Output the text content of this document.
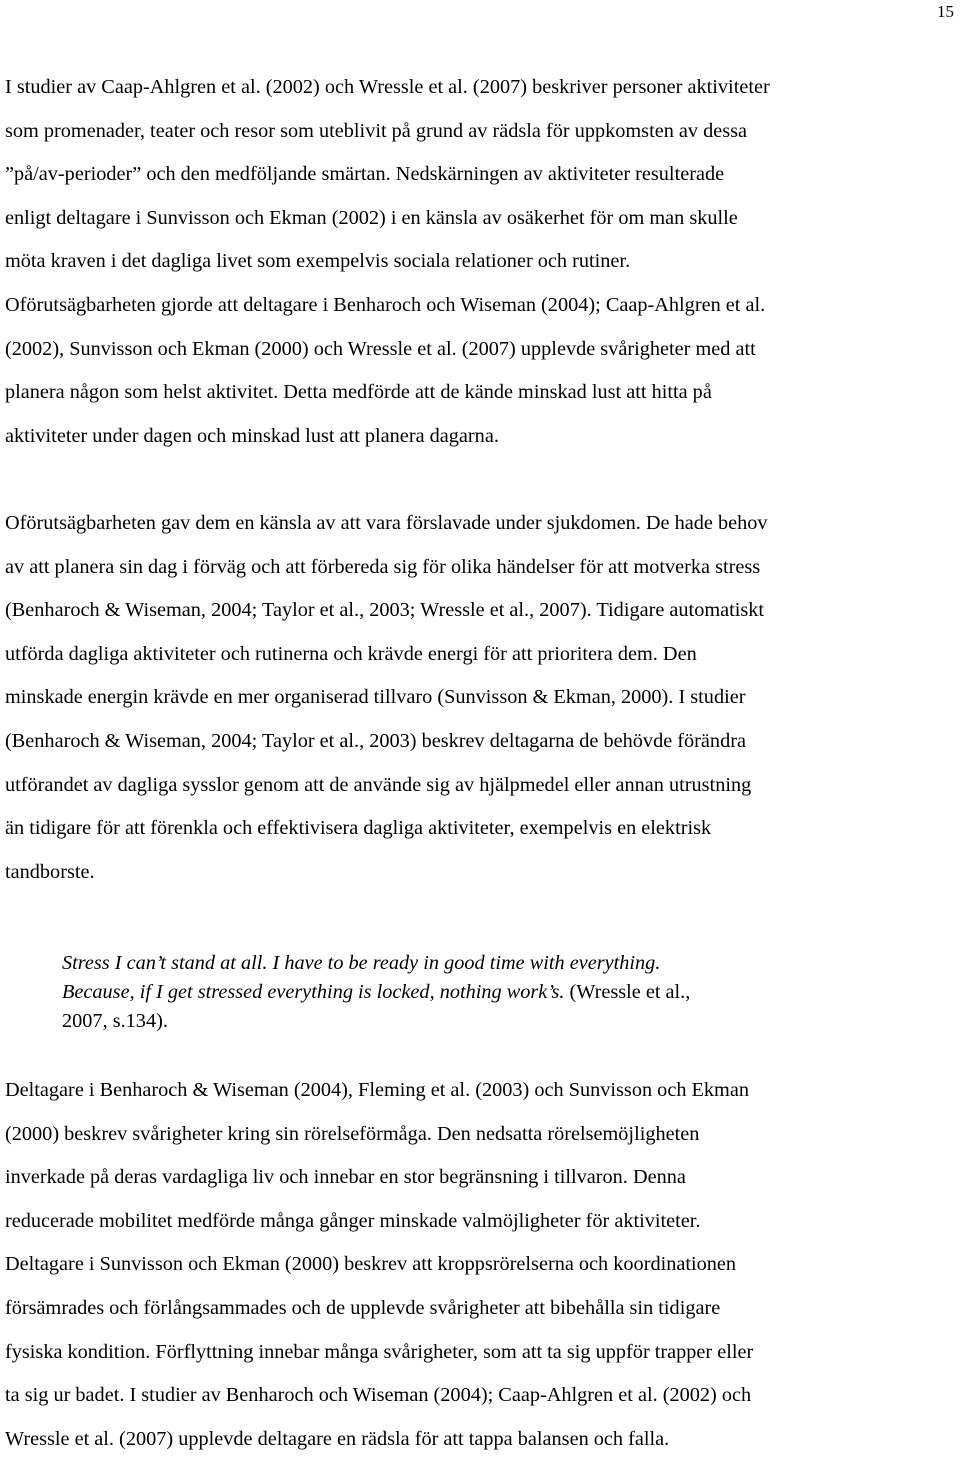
15

I studier av Caap-Ahlgren et al. (2002) och Wressle et al. (2007) beskriver personer aktiviteter
som promenader, teater och resor som uteblivit på grund av rädsla för uppkomsten av dessa
”på/av-perioder” och den medföljande smärtan. Nedskärningen av aktiviteter resulterade
enligt deltagare i Sunvisson och Ekman (2002) i en känsla av osäkerhet för om man skulle
möta kraven i det dagliga livet som exempelvis sociala relationer och rutiner.
Oförutsägbarheten gjorde att deltagare i Benharoch och Wiseman (2004); Caap-Ahlgren et al.
(2002), Sunvisson och Ekman (2000) och Wressle et al. (2007) upplevde svårigheter med att
planera någon som helst aktivitet. Detta medförde att de kände minskad lust att hitta på
aktiviteter under dagen och minskad lust att planera dagarna.

Oförutsägbarheten gav dem en känsla av att vara förslavade under sjukdomen. De hade behov
av att planera sin dag i förväg och att förbereda sig för olika händelser för att motverka stress
(Benharoch & Wiseman, 2004; Taylor et al., 2003; Wressle et al., 2007). Tidigare automatiskt
utförda dagliga aktiviteter och rutinerna och krävde energi för att prioritera dem. Den
minskade energin krävde en mer organiserad tillvaro (Sunvisson & Ekman, 2000). I studier
(Benharoch & Wiseman, 2004; Taylor et al., 2003) beskrev deltagarna de behövde förändra
utförandet av dagliga sysslor genom att de använde sig av hjälpmedel eller annan utrustning
än tidigare för att förenkla och effektivisera dagliga aktiviteter, exempelvis en elektrisk
tandborste.

Stress I can’t stand at all. I have to be ready in good time with everything.
Because, if I get stressed everything is locked, nothing work’s. (Wressle et al.,
2007, s.134).

Deltagare i Benharoch & Wiseman (2004), Fleming et al. (2003) och Sunvisson och Ekman
(2000) beskrev svårigheter kring sin rörelseförmåga. Den nedsatta rörelsemöjligheten
inverkade på deras vardagliga liv och innebar en stor begränsning i tillvaron. Denna
reducerade mobilitet medförde många gånger minskade valmöjligheter för aktiviteter.
Deltagare i Sunvisson och Ekman (2000) beskrev att kroppsrörelserna och koordinationen
försämrades och förlångsammades och de upplevde svårigheter att bibehålla sin tidigare
fysiska kondition. Förflyttning innebar många svårigheter, som att ta sig uppför trapper eller
ta sig ur badet. I studier av Benharoch och Wiseman (2004); Caap-Ahlgren et al. (2002) och
Wressle et al. (2007) upplevde deltagare en rädsla för att tappa balansen och falla.
